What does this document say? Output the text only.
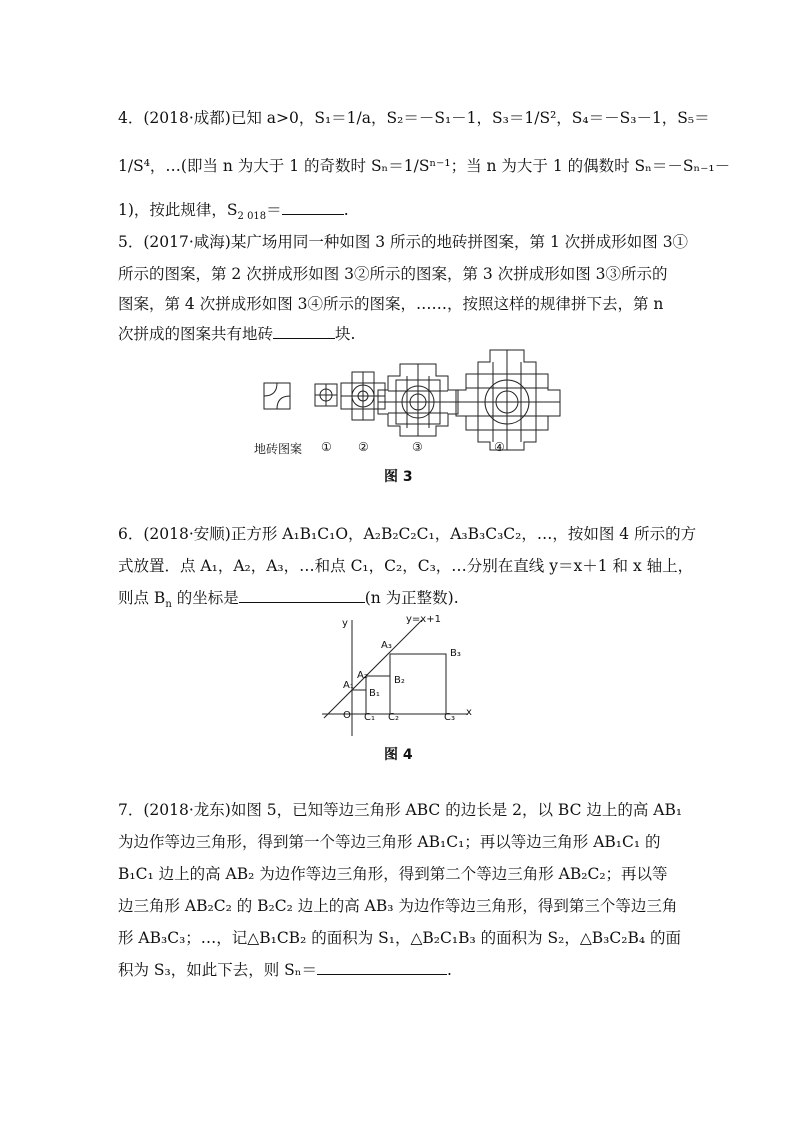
4．(2018·成都)已知 a>0，S₁＝1/a，S₂＝－S₁－1，S₃＝1/S²，S₄＝－S₃－1，S₅＝
1/S⁴，…(即当 n 为大于 1 的奇数时 Sₙ＝1/Sⁿ⁻¹；当 n 为大于 1 的偶数时 Sₙ＝－Sₙ₋₁－
1)，按此规律，$S_{2 018}=$	.
5．(2017·咸海)某广场用同一种如图 3 所示的地砖拼图案，第 1 次拼成形如图 3①
所示的图案，第 2 次拼成形如图 3②所示的图案，第 3 次拼成形如图 3③所示的
图案，第 4 次拼成形如图 3④所示的图案，……，按照这样的规律拼下去，第 n
次拼成的图案共有地砖	块.
地砖图案 ① ②	③	④
图 3
6．(2018·安顺)正方形 A₁B₁C₁O，A₂B₂C₂C₁，A₃B₃C₃C₂，…，按如图 4 所示的方
式放置．点 A₁，A₂，A₃，…和点 C₁，C₂，C₃，…分别在直线 y＝x＋1 和 x 轴上，
则点 $B_n$ 的坐标是	(n 为正整数).
y=x+1
y
x
A₁
A₂
A₃
B₁
B₂
B₃
O C₁ C₂	C₃
图 4
7．(2018·龙东)如图 5，已知等边三角形 ABC 的边长是 2，以 BC 边上的高 AB₁
为边作等边三角形，得到第一个等边三角形 AB₁C₁；再以等边三角形 AB₁C₁ 的
B₁C₁ 边上的高 AB₂ 为边作等边三角形，得到第二个等边三角形 AB₂C₂；再以等
边三角形 AB₂C₂ 的 B₂C₂ 边上的高 AB₃ 为边作等边三角形，得到第三个等边三角
形 AB₃C₃；…，记△B₁CB₂ 的面积为 S₁，△B₂C₁B₃ 的面积为 S₂，△B₃C₂B₄ 的面
积为 S₃，如此下去，则 Sₙ＝	.
